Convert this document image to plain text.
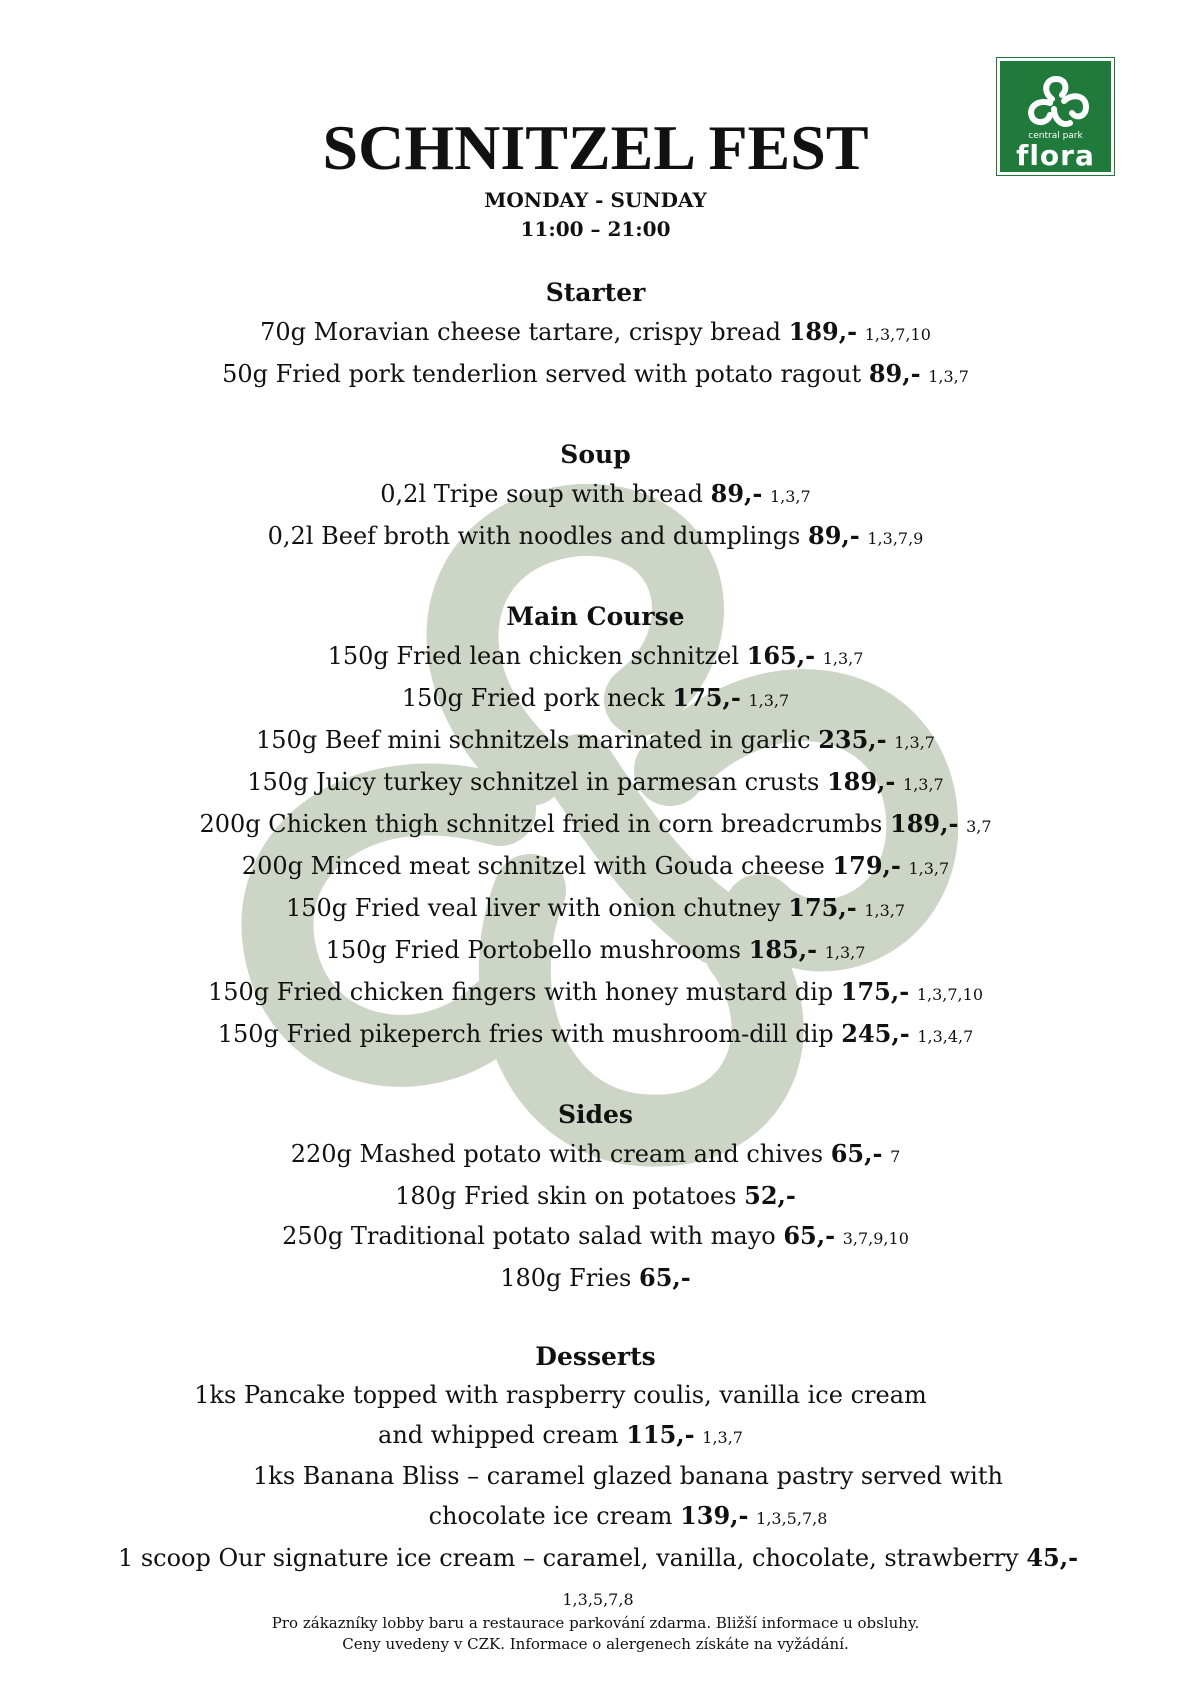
central park
flora
SCHNITZEL FEST
MONDAY - SUNDAY
11:00 – 21:00
Starter
70g Moravian cheese tartare, crispy bread 189,- 1,3,7,10
50g Fried pork tenderlion served with potato ragout 89,- 1,3,7
Soup
0,2l Tripe soup with bread 89,- 1,3,7
0,2l Beef broth with noodles and dumplings 89,- 1,3,7,9
Main Course
150g Fried lean chicken schnitzel 165,- 1,3,7
150g Fried pork neck 175,- 1,3,7
150g Beef mini schnitzels marinated in garlic 235,- 1,3,7
150g Juicy turkey schnitzel in parmesan crusts 189,- 1,3,7
200g Chicken thigh schnitzel fried in corn breadcrumbs 189,- 3,7
200g Minced meat schnitzel with Gouda cheese 179,- 1,3,7
150g Fried veal liver with onion chutney 175,- 1,3,7
150g Fried Portobello mushrooms 185,- 1,3,7
150g Fried chicken fingers with honey mustard dip 175,- 1,3,7,10
150g Fried pikeperch fries with mushroom-dill dip 245,- 1,3,4,7
Sides
220g Mashed potato with cream and chives 65,- 7
180g Fried skin on potatoes 52,-
250g Traditional potato salad with mayo 65,- 3,7,9,10
180g Fries 65,-
Desserts
1ks Pancake topped with raspberry coulis, vanilla ice cream and whipped cream 115,- 1,3,7
1ks Banana Bliss – caramel glazed banana pastry served with chocolate ice cream 139,- 1,3,5,7,8
1 scoop Our signature ice cream – caramel, vanilla, chocolate, strawberry 45,- 1,3,5,7,8
Pro zákazníky lobby baru a restaurace parkování zdarma. Bližší informace u obsluhy.
Ceny uvedeny v CZK. Informace o alergenech získáte na vyžádání.
